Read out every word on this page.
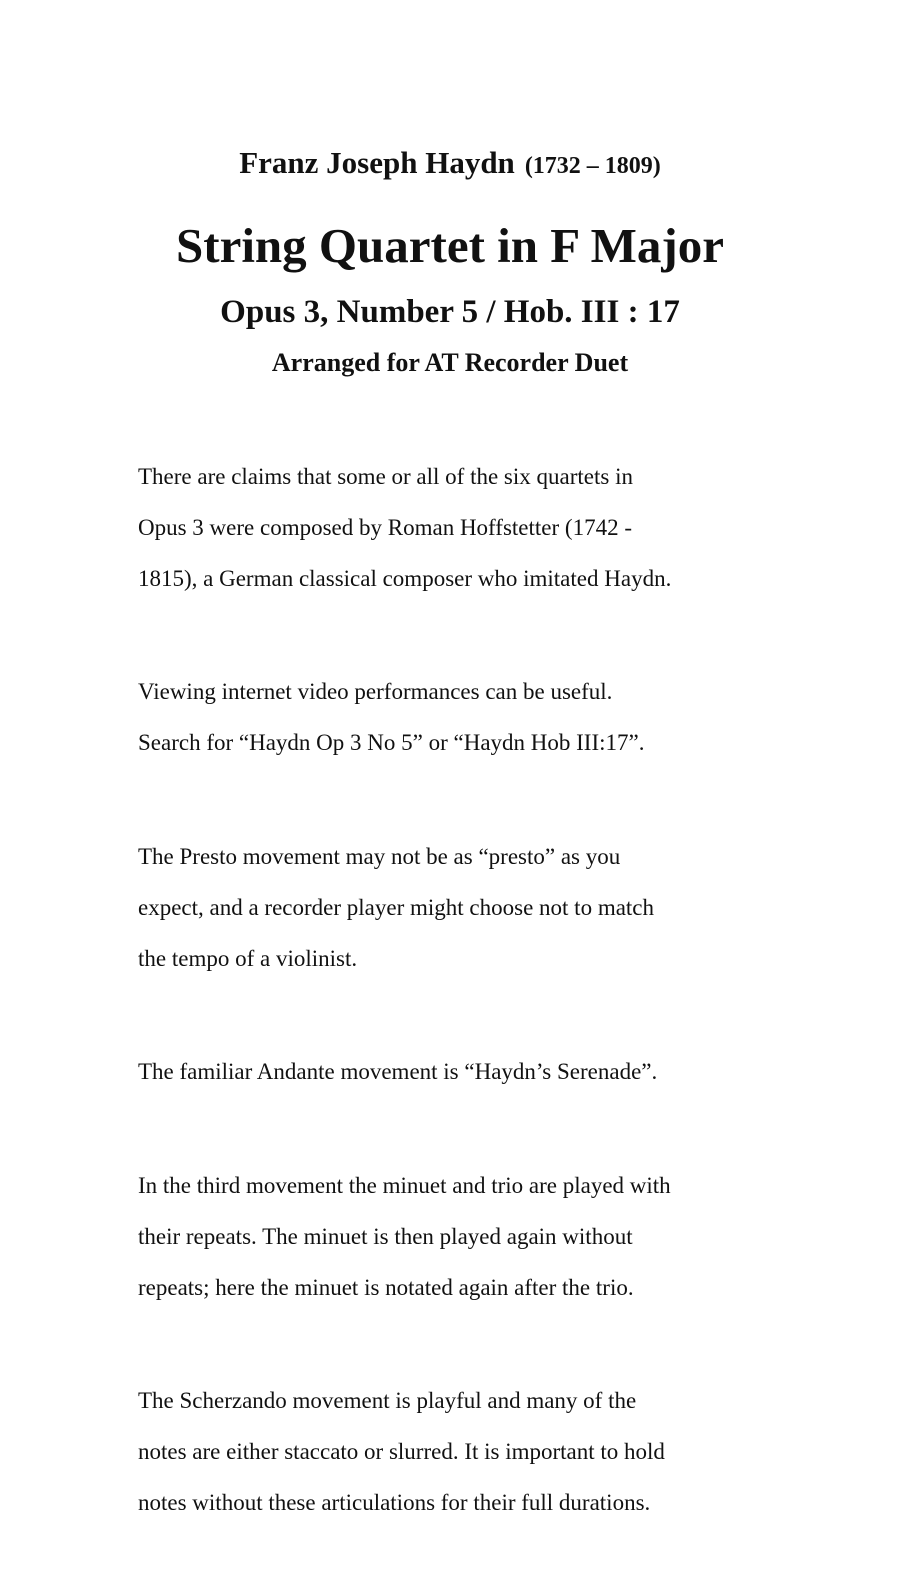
Franz Joseph Haydn (1732 – 1809)
String Quartet in F Major
Opus 3, Number 5 / Hob. III : 17
Arranged for AT Recorder Duet

There are claims that some or all of the six quartets in

Opus 3 were composed by Roman Hoffstetter (1742 -

1815), a German classical composer who imitated Haydn.

Viewing internet video performances can be useful.

Search for “Haydn Op 3 No 5” or “Haydn Hob III:17”.

The Presto movement may not be as “presto” as you

expect, and a recorder player might choose not to match

the tempo of a violinist.

The familiar Andante movement is “Haydn’s Serenade”.

In the third movement the minuet and trio are played with

their repeats. The minuet is then played again without

repeats; here the minuet is notated again after the trio.

The Scherzando movement is playful and many of the

notes are either staccato or slurred. It is important to hold

notes without these articulations for their full durations.
